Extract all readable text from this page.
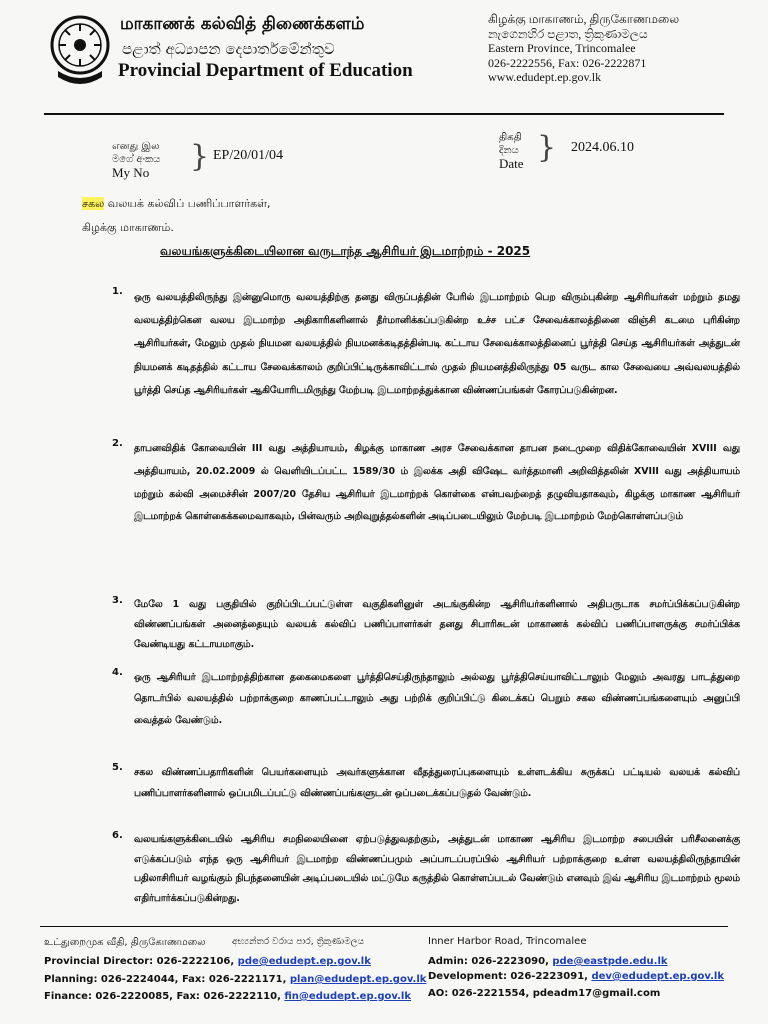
மாகாணக் கல்வித் திணைக்களம்
පළාත් අධ්‍යාපන දෙපාර්තමේන්තුව
Provincial Department of Education
கிழக்கு மாகாணம், திருகோணமலை
නැගෙනහිර පළාත, ත්‍රිකුණාමලය
Eastern Province, Trincomalee
026-2222556, Fax: 026-2222871
www.edudept.ep.gov.lk
எனது இல
මගේ අංකය
My No	} EP/20/01/04
திகதி
දිනය
Date } 2024.06.10
சகல வலயக் கல்விப் பணிப்பாளர்கள்,
கிழக்கு மாகாணம்.
வலயங்களுக்கிடையிலான வருடாந்த ஆசிரியர் இடமாற்றம் - 2025
1.
ஒரு வலயத்திலிருந்து இன்னுமொரு வலயத்திற்கு தனது விருப்பத்தின் பேரில் இடமாற்றம் பெற விரும்புகின்ற ஆசிரியர்கள் மற்றும் தமது வலயத்திற்கென வலய இடமாற்ற அதிகாரிகளினால் தீர்மானிக்கப்படுகின்ற உச்ச பட்ச சேவைக்காலத்தினை விஞ்சி கடமை புரிகின்ற ஆசிரியர்கள், மேலும் முதல் நியமன வலயத்தில் நியமனக்கடிதத்தின்படி கட்டாய சேவைக்காலத்தினைப் பூர்த்தி செய்த ஆசிரியர்கள் அத்துடன் நியமனக் கடிதத்தில் கட்டாய சேவைக்காலம் குறிப்பிட்டிருக்காவிட்டால் முதல் நியமனத்திலிருந்து 05 வருட கால சேவையை அவ்வலயத்தில் பூர்த்தி செய்த ஆசிரியர்கள் ஆகியோரிடமிருந்து மேற்படி இடமாற்றத்துக்கான விண்ணப்பங்கள் கோரப்படுகின்றன.
2. தாபனவிதிக் கோவையின் III வது அத்தியாயம், கிழக்கு மாகாண அரச சேவைக்கான தாபன நடைமுறை விதிக்கோவையின் XVIII வது அத்தியாயம், 20.02.2009 ல் வெளியிடப்பட்ட 1589/30 ம் இலக்க அதி விஷேட வர்த்தமானி அறிவித்தலின் XVIII வது அத்தியாயம் மற்றும் கல்வி அமைச்சின் 2007/20 தேசிய ஆசிரியர் இடமாற்றக் கொள்கை என்பவற்றைத் தழுவியதாகவும், கிழக்கு மாகாண ஆசிரியர் இடமாற்றக் கொள்கைக்கமைவாகவும், பின்வரும் அறிவுறுத்தல்களின் அடிப்படையிலும் மேற்படி இடமாற்றம் மேற்கொள்ளப்படும்
3. மேலே 1 வது பகுதியில் குறிப்பிடப்பட்டுள்ள வகுதிகளினுள் அடங்குகின்ற ஆசிரியர்களினால் அதிபருடாக சமர்ப்பிக்கப்படுகின்ற விண்ணப்பங்கள் அனைத்தையும் வலயக் கல்விப் பணிப்பாளர்கள் தனது சிபாரிசுடன் மாகாணக் கல்விப் பணிப்பாளருக்கு சமர்ப்பிக்க வேண்டியது கட்டாயமாகும்.
4. ஒரு ஆசிரியர் இடமாற்றத்திற்கான தகைமைகளை பூர்த்திசெய்திருந்தாலும் அல்லது பூர்த்திசெய்யாவிட்டாலும் மேலும் அவரது பாடத்துறை தொடர்பில் வலயத்தில் பற்றாக்குறை காணப்பட்டாலும் அது பற்றிக் குறிப்பிட்டு கிடைக்கப் பெறும் சகல விண்ணப்பங்களையும் அனுப்பி வைத்தல் வேண்டும்.
5. சகல விண்ணப்பதாரிகளின் பெயர்களையும் அவர்களுக்கான வீதத்துரைப்புகளையும் உள்ளடக்கிய சுருக்கப் பட்டியல் வலயக் கல்விப் பணிப்பாளர்களினால் ஒப்பமிடப்பட்டு விண்ணப்பங்களுடன் ஒப்படைக்கப்படுதல் வேண்டும்.
6. வலயங்களுக்கிடையில் ஆசிரிய சமநிலையினை ஏற்படுத்துவதற்கும், அத்துடன் மாகாண ஆசிரிய இடமாற்ற சபையின் பரிசீலனைக்கு எடுக்கப்படும் எந்த ஒரு ஆசிரியர் இடமாற்ற விண்ணப்பமும் அப்பாடப்பரப்பில் ஆசிரியர் பற்றாக்குறை உள்ள வலயத்திலிருந்தாயின் பதிலாசிரியர் வழங்கும் நிபந்தனையின் அடிப்படையில் மட்டுமே கருத்தில் கொள்ளப்படல் வேண்டும் எனவும் இவ் ஆசிரிய இடமாற்றம் மூலம் எதிர்பார்க்கப்படுகின்றது.
உட்துறைமுக வீதி, திருகோணமலை	අභ්‍යන්තර වරාය පාර, ත්‍රිකුණාමලය	Inner Harbor Road, Trincomalee
Provincial Director: 026-2222106, pde@edudept.ep.gov.lk	Admin: 026-2223090, pde@eastpde.edu.lk
Planning: 026-2224044, Fax: 026-2221171, plan@edudept.ep.gov.lk Development: 026-2223091, dev@edudept.ep.gov.lk
Finance: 026-2220085, Fax: 026-2222110, fin@edudept.ep.gov.lk AO: 026-2221554, pdeadm17@gmail.com
